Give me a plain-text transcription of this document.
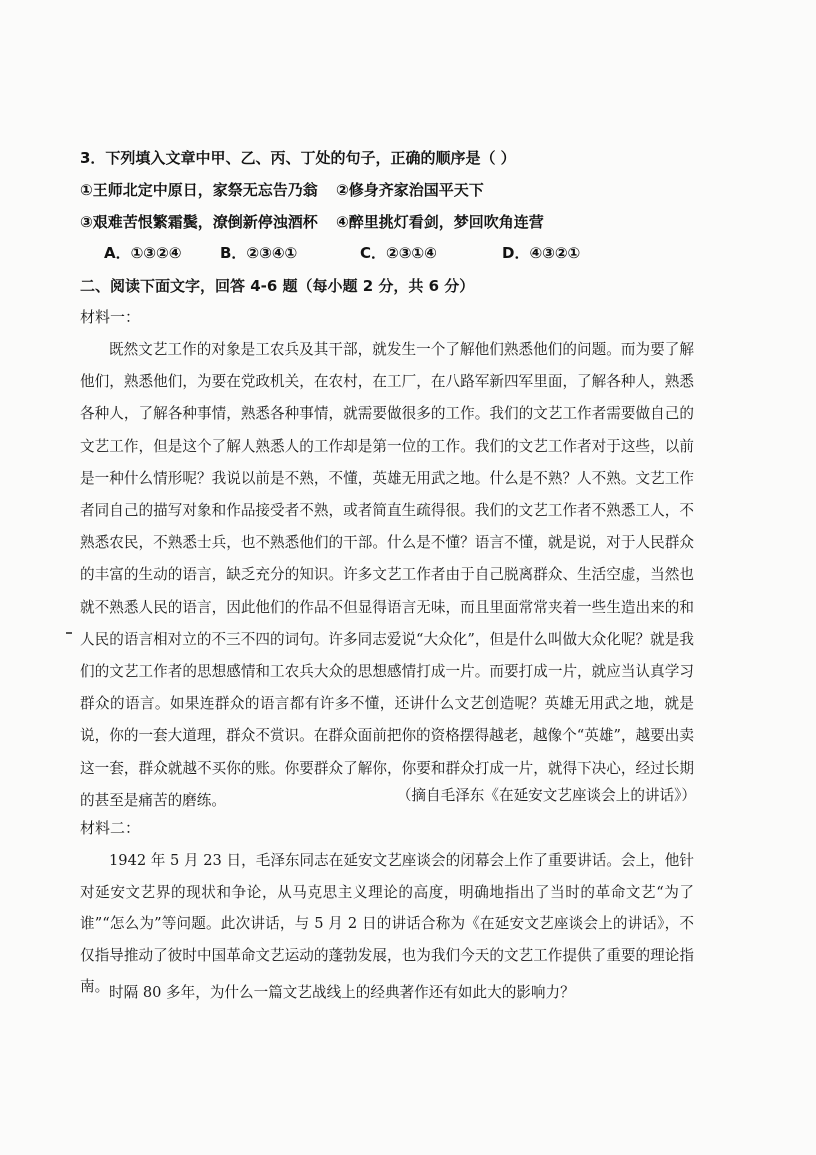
3．下列填入文章中甲、乙、丙、丁处的句子，正确的顺序是（ ）
①王师北定中原日，家祭无忘告乃翁 ②修身齐家治国平天下
③艰难苦恨繁霜鬓，潦倒新停浊酒杯 ④醉里挑灯看剑，梦回吹角连营
A．①③②④	B．②③④①	C．②③①④	D．④③②①
二、阅读下面文字，回答 4-6 题（每小题 2 分，共 6 分）
材料一：

既然文艺工作的对象是工农兵及其干部，就发生一个了解他们熟悉他们的问题。而为要了解他们，熟悉他们，为要在党政机关，在农村，在工厂，在八路军新四军里面，了解各种人，熟悉各种人，了解各种事情，熟悉各种事情，就需要做很多的工作。我们的文艺工作者需要做自己的文艺工作，但是这个了解人熟悉人的工作却是第一位的工作。我们的文艺工作者对于这些，以前是一种什么情形呢？我说以前是不熟，不懂，英雄无用武之地。什么是不熟？人不熟。文艺工作者同自己的描写对象和作品接受者不熟，或者简直生疏得很。我们的文艺工作者不熟悉工人，不熟悉农民，不熟悉士兵，也不熟悉他们的干部。什么是不懂？语言不懂，就是说，对于人民群众的丰富的生动的语言，缺乏充分的知识。许多文艺工作者由于自己脱离群众、生活空虚，当然也就不熟悉人民的语言，因此他们的作品不但显得语言无味，而且里面常常夹着一些生造出来的和人民的语言相对立的不三不四的词句。许多同志爱说“大众化”，但是什么叫做大众化呢？就是我们的文艺工作者的思想感情和工农兵大众的思想感情打成一片。而要打成一片，就应当认真学习群众的语言。如果连群众的语言都有许多不懂，还讲什么文艺创造呢？英雄无用武之地，就是说，你的一套大道理，群众不赏识。在群众面前把你的资格摆得越老，越像个“英雄”，越要出卖这一套，群众就越不买你的账。你要群众了解你，你要和群众打成一片，就得下决心，经过长期的甚至是痛苦的磨练。	（摘自毛泽东《在延安文艺座谈会上的讲话》）
材料二：

1942 年 5 月 23 日，毛泽东同志在延安文艺座谈会的闭幕会上作了重要讲话。会上，他针对延安文艺界的现状和争论，从马克思主义理论的高度，明确地指出了当时的革命文艺“为了谁”“怎么为”等问题。此次讲话，与 5 月 2 日的讲话合称为《在延安文艺座谈会上的讲话》，不仅指导推动了彼时中国革命文艺运动的蓬勃发展，也为我们今天的文艺工作提供了重要的理论指南。 时隔 80 多年，为什么一篇文艺战线上的经典著作还有如此大的影响力？
